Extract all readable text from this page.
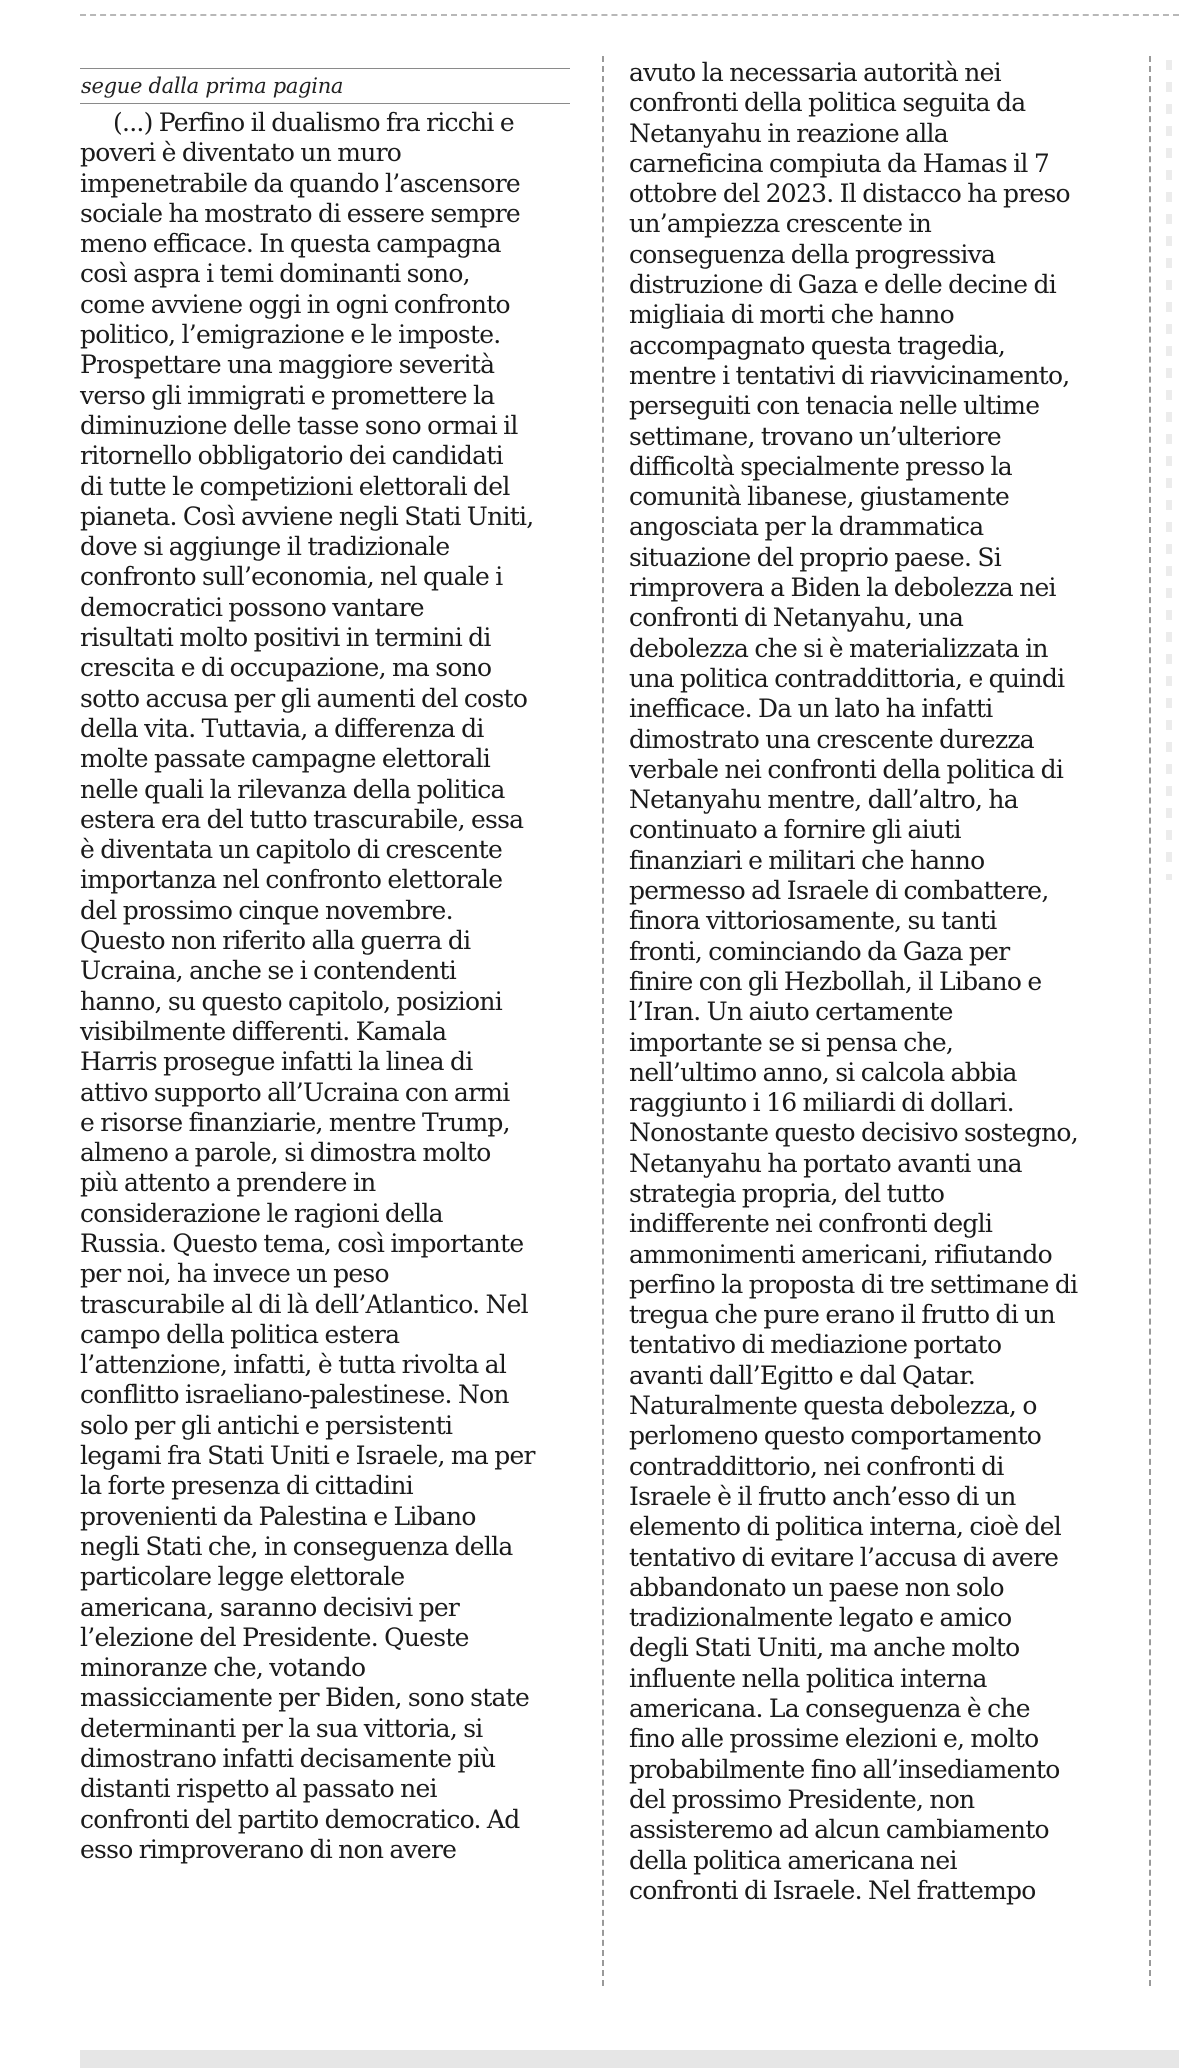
segue dalla prima pagina

(...) Perfino il dualismo fra ricchi e
poveri è diventato un muro
impenetrabile da quando l’ascensore
sociale ha mostrato di essere sempre
meno efficace. In questa campagna
così aspra i temi dominanti sono,
come avviene oggi in ogni confronto
politico, l’emigrazione e le imposte.
Prospettare una maggiore severità
verso gli immigrati e promettere la
diminuzione delle tasse sono ormai il
ritornello obbligatorio dei candidati
di tutte le competizioni elettorali del
pianeta. Così avviene negli Stati Uniti,
dove si aggiunge il tradizionale
confronto sull’economia, nel quale i
democratici possono vantare
risultati molto positivi in termini di
crescita e di occupazione, ma sono
sotto accusa per gli aumenti del costo
della vita. Tuttavia, a differenza di
molte passate campagne elettorali
nelle quali la rilevanza della politica
estera era del tutto trascurabile, essa
è diventata un capitolo di crescente
importanza nel confronto elettorale
del prossimo cinque novembre.
Questo non riferito alla guerra di
Ucraina, anche se i contendenti
hanno, su questo capitolo, posizioni
visibilmente differenti. Kamala
Harris prosegue infatti la linea di
attivo supporto all’Ucraina con armi
e risorse finanziarie, mentre Trump,
almeno a parole, si dimostra molto
più attento a prendere in
considerazione le ragioni della
Russia. Questo tema, così importante
per noi, ha invece un peso
trascurabile al di là dell’Atlantico. Nel
campo della politica estera
l’attenzione, infatti, è tutta rivolta al
conflitto israeliano-palestinese. Non
solo per gli antichi e persistenti
legami fra Stati Uniti e Israele, ma per
la forte presenza di cittadini
provenienti da Palestina e Libano
negli Stati che, in conseguenza della
particolare legge elettorale
americana, saranno decisivi per
l’elezione del Presidente. Queste
minoranze che, votando
massicciamente per Biden, sono state
determinanti per la sua vittoria, si
dimostrano infatti decisamente più
distanti rispetto al passato nei
confronti del partito democratico. Ad
esso rimproverano di non avere

avuto la necessaria autorità nei
confronti della politica seguita da
Netanyahu in reazione alla
carneficina compiuta da Hamas il 7
ottobre del 2023. Il distacco ha preso
un’ampiezza crescente in
conseguenza della progressiva
distruzione di Gaza e delle decine di
migliaia di morti che hanno
accompagnato questa tragedia,
mentre i tentativi di riavvicinamento,
perseguiti con tenacia nelle ultime
settimane, trovano un’ulteriore
difficoltà specialmente presso la
comunità libanese, giustamente
angosciata per la drammatica
situazione del proprio paese. Si
rimprovera a Biden la debolezza nei
confronti di Netanyahu, una
debolezza che si è materializzata in
una politica contraddittoria, e quindi
inefficace. Da un lato ha infatti
dimostrato una crescente durezza
verbale nei confronti della politica di
Netanyahu mentre, dall’altro, ha
continuato a fornire gli aiuti
finanziari e militari che hanno
permesso ad Israele di combattere,
finora vittoriosamente, su tanti
fronti, cominciando da Gaza per
finire con gli Hezbollah, il Libano e
l’Iran. Un aiuto certamente
importante se si pensa che,
nell’ultimo anno, si calcola abbia
raggiunto i 16 miliardi di dollari.
Nonostante questo decisivo sostegno,
Netanyahu ha portato avanti una
strategia propria, del tutto
indifferente nei confronti degli
ammonimenti americani, rifiutando
perfino la proposta di tre settimane di
tregua che pure erano il frutto di un
tentativo di mediazione portato
avanti dall’Egitto e dal Qatar.
Naturalmente questa debolezza, o
perlomeno questo comportamento
contraddittorio, nei confronti di
Israele è il frutto anch’esso di un
elemento di politica interna, cioè del
tentativo di evitare l’accusa di avere
abbandonato un paese non solo
tradizionalmente legato e amico
degli Stati Uniti, ma anche molto
influente nella politica interna
americana. La conseguenza è che
fino alle prossime elezioni e, molto
probabilmente fino all’insediamento
del prossimo Presidente, non
assisteremo ad alcun cambiamento
della politica americana nei
confronti di Israele. Nel frattempo
